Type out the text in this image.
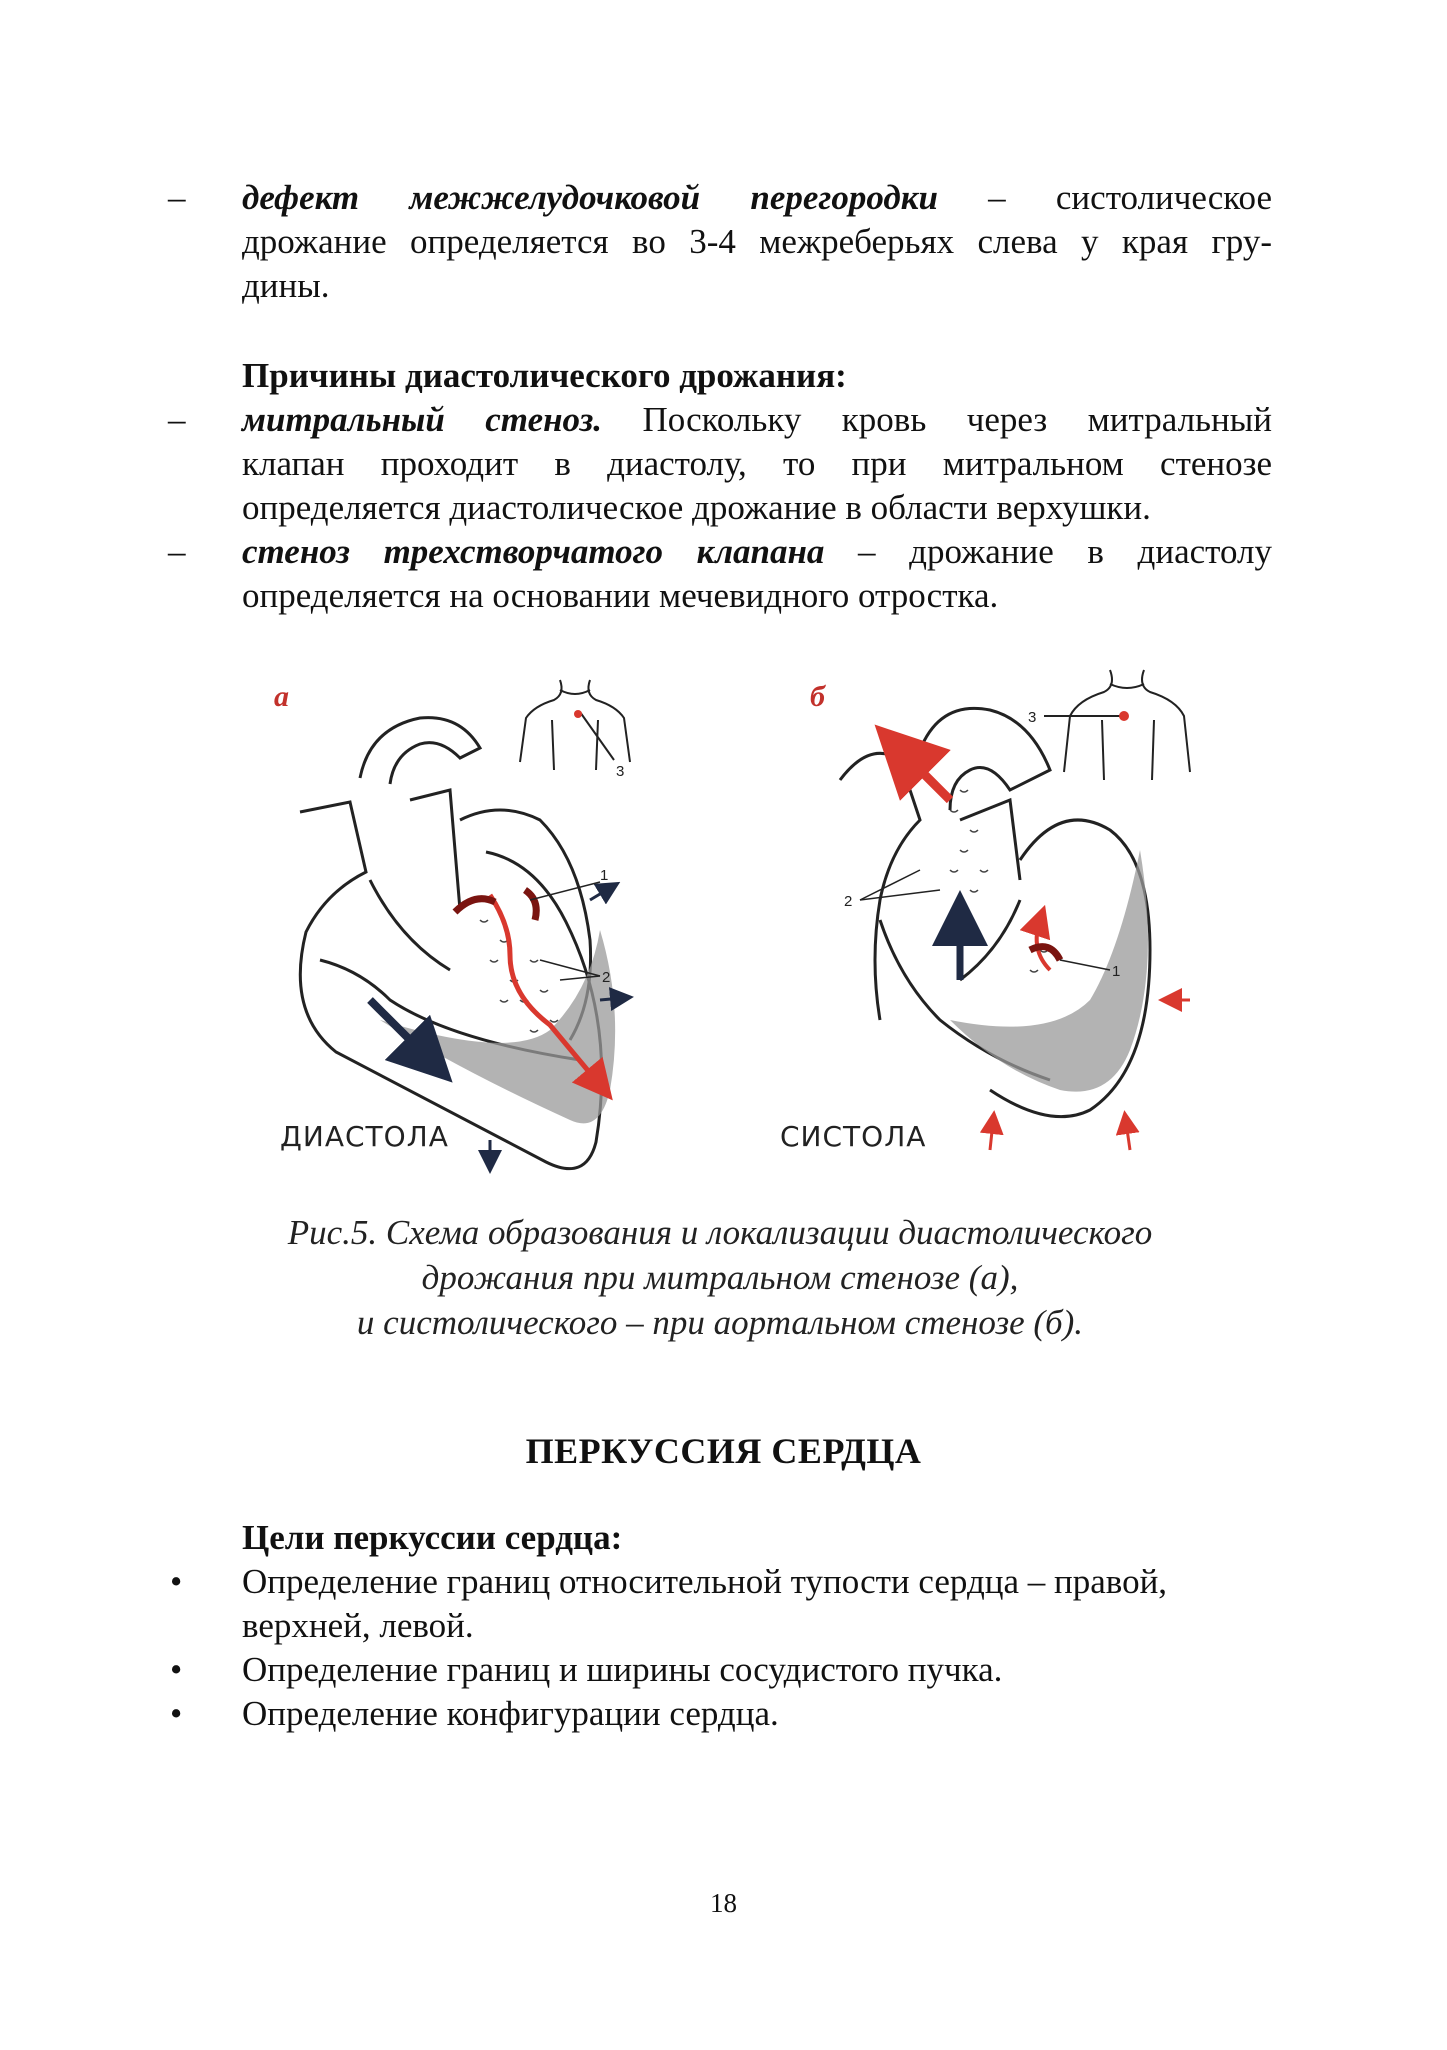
– дефект межжелудочковой перегородки – систолическое
дрожание определяется во 3-4 межреберьях слева у края гру-
дины.
Причины диастолического дрожания:
– митральный стеноз. Поскольку кровь через митральный
клапан проходит в диастолу, то при митральном стенозе
определяется диастолическое дрожание в области верхушки.
– стеноз трехстворчатого клапана – дрожание в диастолу
определяется на основании мечевидного отростка.
а
3
1
2
ДИАСТОЛА
б
3
2
1
СИСТОЛА
Рис.5. Схема образования и локализации диастолического
дрожания при митральном стенозе (а),
и систолического – при аортальном стенозе (б).
ПЕРКУССИЯ СЕРДЦА
Цели перкуссии сердца:
• Определение границ относительной тупости сердца – правой,
верхней, левой.
• Определение границ и ширины сосудистого пучка.
• Определение конфигурации сердца.
18
